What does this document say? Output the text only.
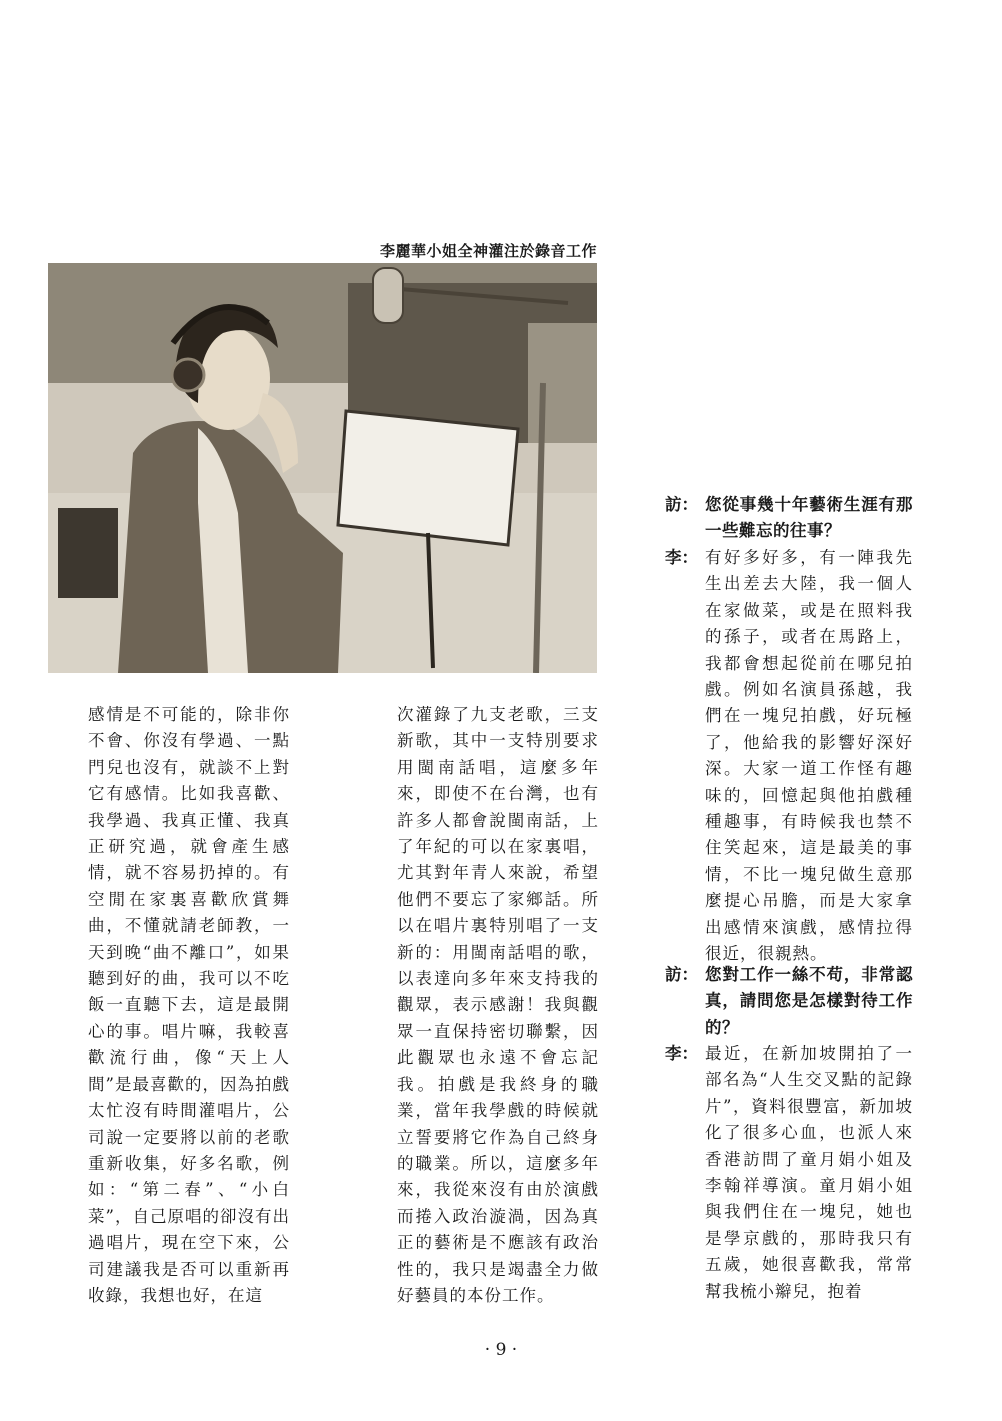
李麗華小姐全神灌注於錄音工作

感情是不可能的，除非你不會、你沒有學過、一點門兒也沒有，就談不上對它有感情。比如我喜歡、我學過、我真正懂、我真正研究過，就會產生感情，就不容易扔掉的。有空閒在家裏喜歡欣賞舞曲，不懂就請老師教，一天到晚“曲不離口”，如果聽到好的曲，我可以不吃飯一直聽下去，這是最開心的事。唱片嘛，我較喜歡流行曲，像“天上人間”是最喜歡的，因為拍戲太忙沒有時間灌唱片，公司說一定要將以前的老歌重新收集，好多名歌，例如：“第二春”、“小白菜”，自己原唱的卻沒有出過唱片，現在空下來，公司建議我是否可以重新再收錄，我想也好，在這

次灌錄了九支老歌，三支新歌，其中一支特別要求用閩南話唱，這麼多年來，即使不在台灣，也有許多人都會說閩南話，上了年紀的可以在家裏唱，尤其對年青人來說，希望他們不要忘了家鄉話。所以在唱片裏特別唱了一支新的：用閩南話唱的歌，以表達向多年來支持我的觀眾，表示感謝！我與觀眾一直保持密切聯繫，因此觀眾也永遠不會忘記我。拍戲是我終身的職業，當年我學戲的時候就立誓要將它作為自己終身的職業。所以，這麼多年來，我從來沒有由於演戲而捲入政治漩渦，因為真正的藝術是不應該有政治性的，我只是竭盡全力做好藝員的本份工作。

訪： 您從事幾十年藝術生涯有那一些難忘的往事？
李： 有好多好多，有一陣我先生出差去大陸，我一個人在家做菜，或是在照料我的孫子，或者在馬路上，我都會想起從前在哪兒拍戲。例如名演員孫越，我們在一塊兒拍戲，好玩極了，他給我的影響好深好深。大家一道工作怪有趣味的，回憶起與他拍戲種種趣事，有時候我也禁不住笑起來，這是最美的事情，不比一塊兒做生意那麼提心吊膽，而是大家拿出感情來演戲，感情拉得很近，很親熱。
訪： 您對工作一絲不苟，非常認真，請問您是怎樣對待工作的？
李： 最近，在新加坡開拍了一部名為“人生交叉點的記錄片”，資料很豐富，新加坡化了很多心血，也派人來香港訪問了童月娟小姐及李翰祥導演。童月娟小姐與我們住在一塊兒，她也是學京戲的，那時我只有五歲，她很喜歡我，常常幫我梳小辮兒，抱着
· 9 ·
